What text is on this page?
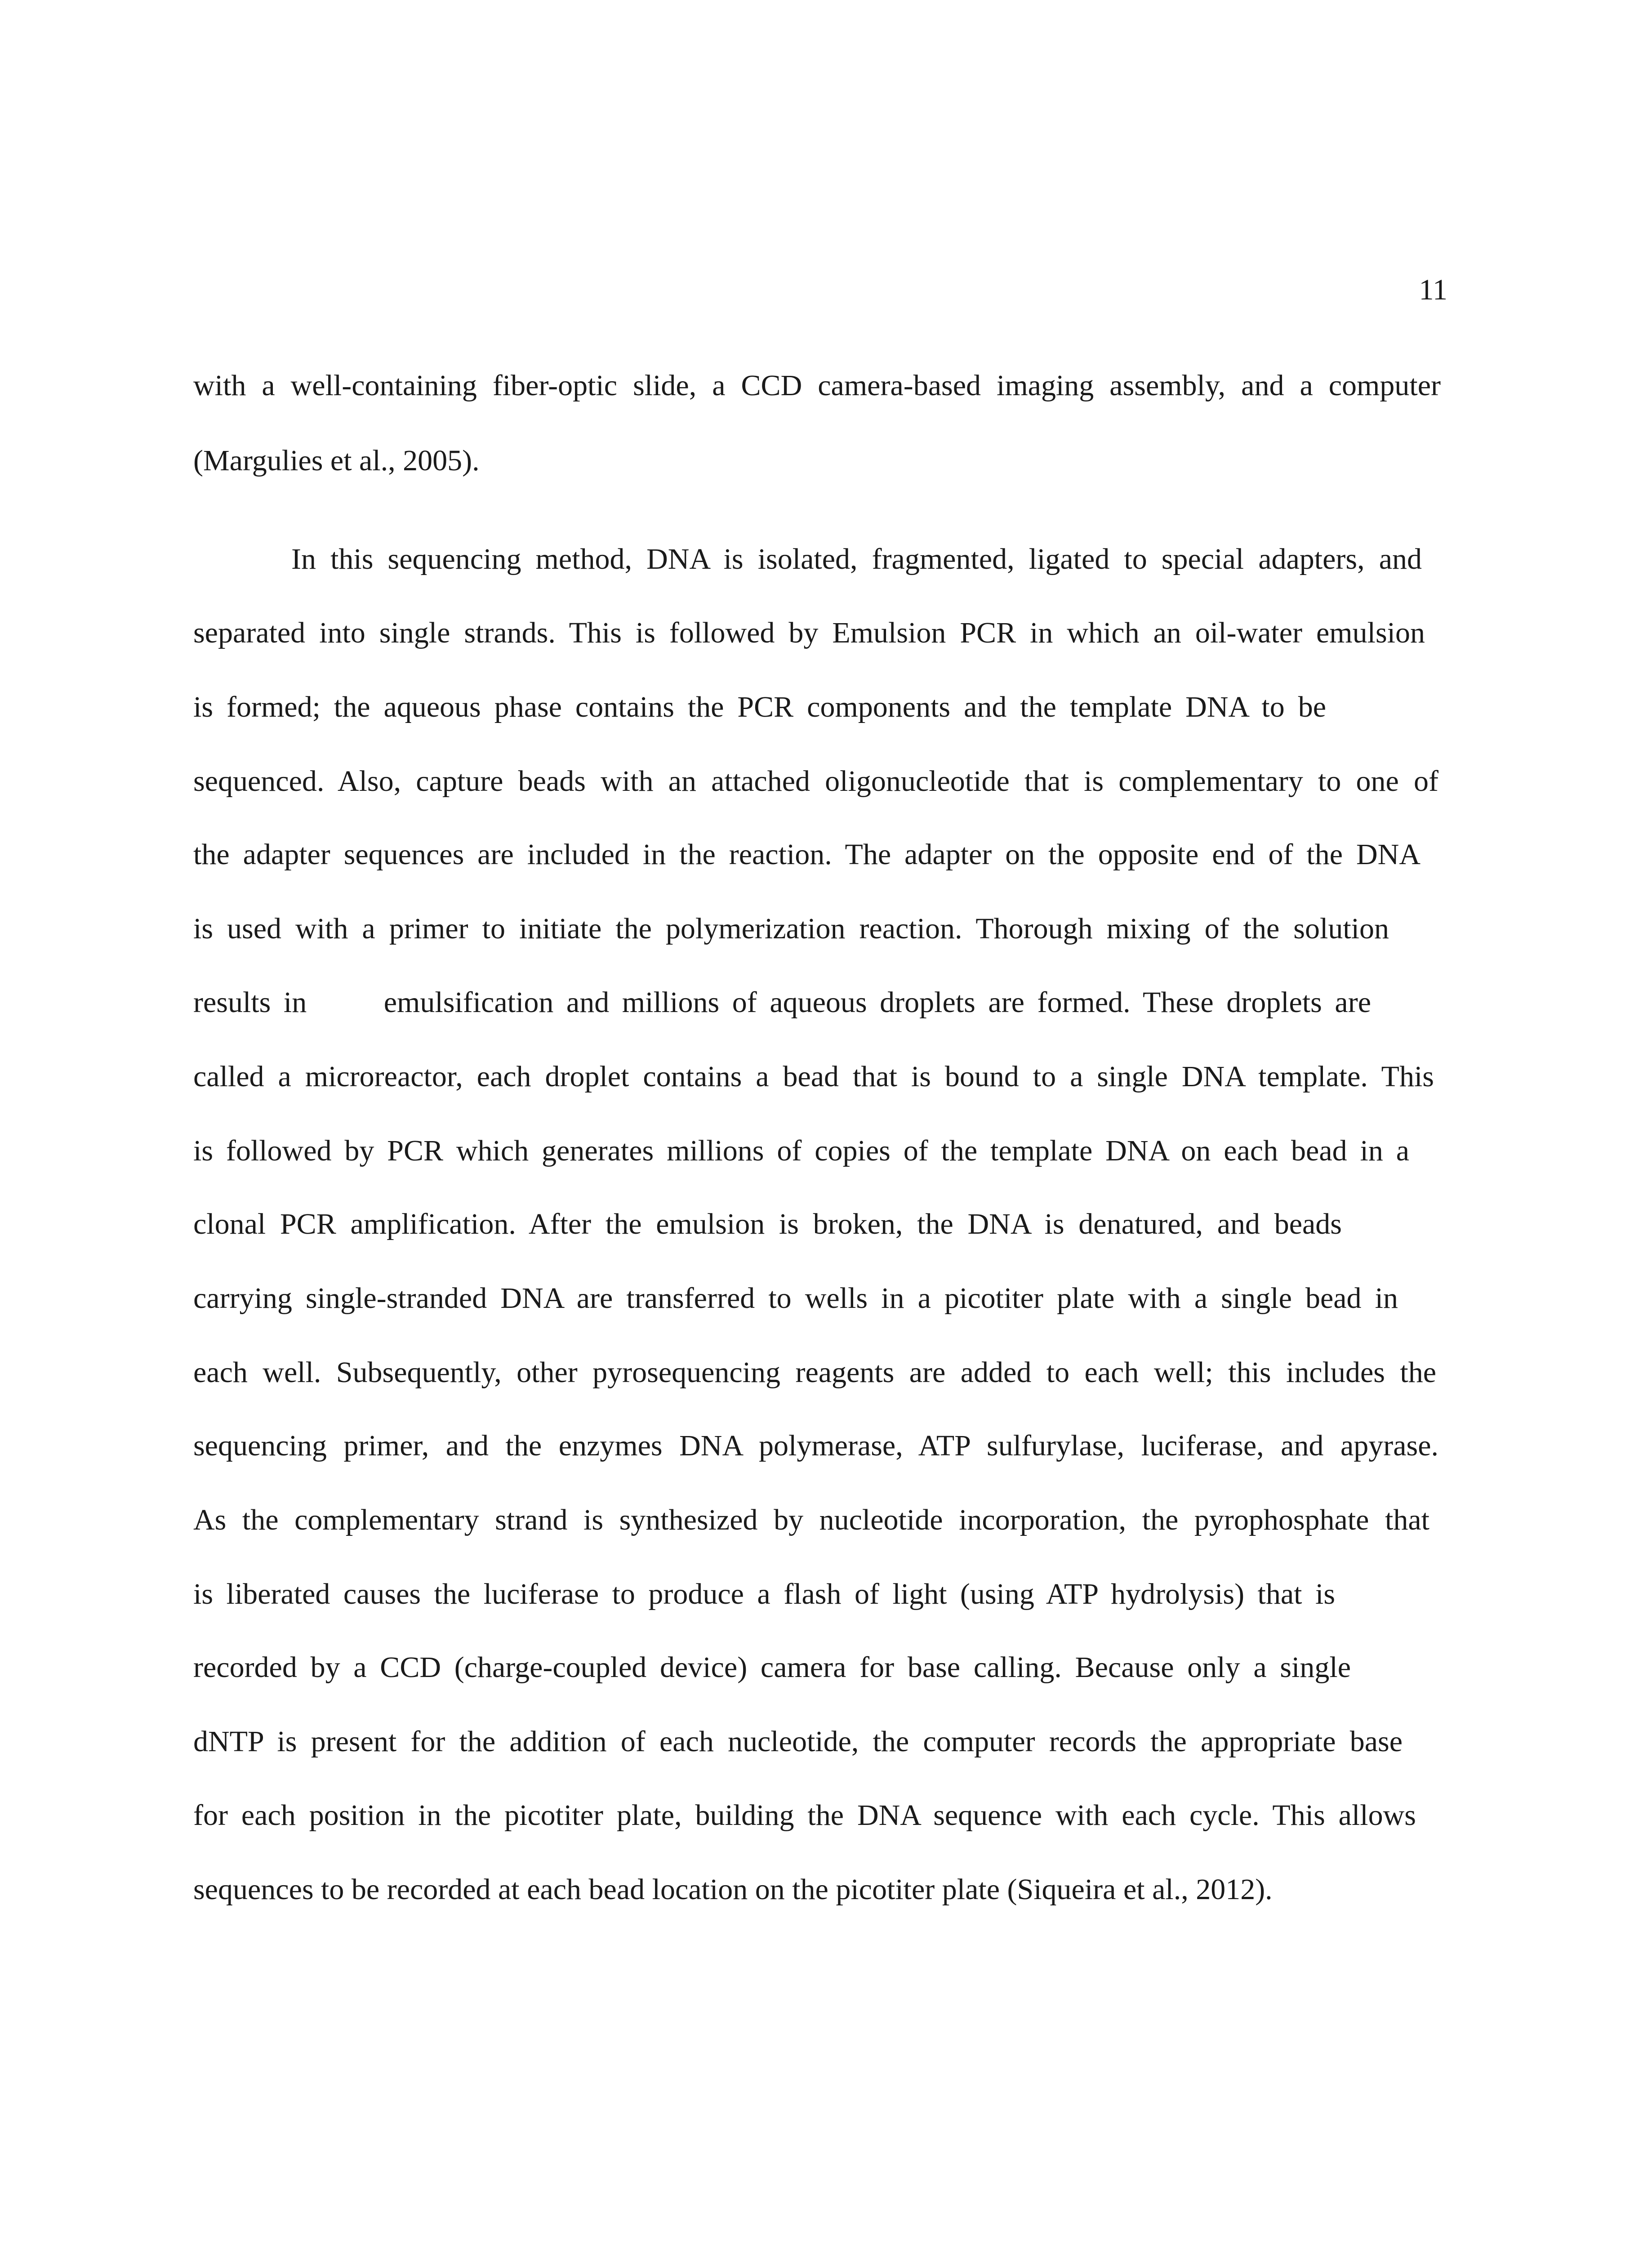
11
with a well-containing fiber-optic slide, a CCD camera-based imaging assembly, and a computer
(Margulies et al., 2005).
In this sequencing method, DNA is isolated, fragmented, ligated to special adapters, and
separated into single strands. This is followed by Emulsion PCR in which an oil-water emulsion
is formed; the aqueous phase contains the PCR components and the template DNA to be
sequenced. Also, capture beads with an attached oligonucleotide that is complementary to one of
the adapter sequences are included in the reaction. The adapter on the opposite end of the DNA
is used with a primer to initiate the polymerization reaction. Thorough mixing of the solution
results in      emulsification and millions of aqueous droplets are formed. These droplets are
called a microreactor, each droplet contains a bead that is bound to a single DNA template. This
is followed by PCR which generates millions of copies of the template DNA on each bead in a
clonal PCR amplification. After the emulsion is broken, the DNA is denatured, and beads
carrying single-stranded DNA are transferred to wells in a picotiter plate with a single bead in
each well. Subsequently, other pyrosequencing reagents are added to each well; this includes the
sequencing primer, and the enzymes DNA polymerase, ATP sulfurylase, luciferase, and apyrase.
As the complementary strand is synthesized by nucleotide incorporation, the pyrophosphate that
is liberated causes the luciferase to produce a flash of light (using ATP hydrolysis) that is
recorded by a CCD (charge-coupled device) camera for base calling. Because only a single
dNTP is present for the addition of each nucleotide, the computer records the appropriate base
for each position in the picotiter plate, building the DNA sequence with each cycle. This allows
sequences to be recorded at each bead location on the picotiter plate (Siqueira et al., 2012).
